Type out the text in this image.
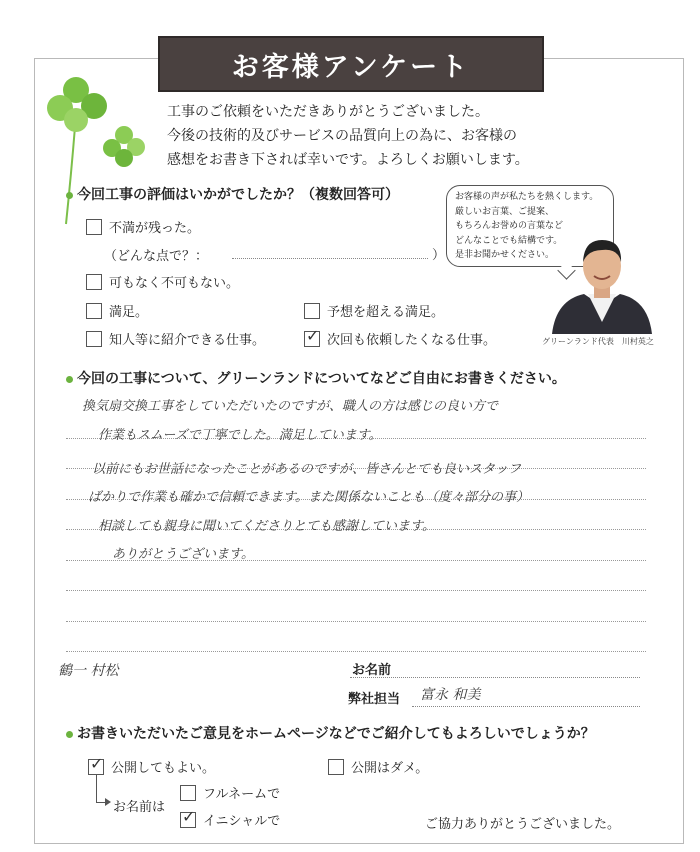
お客様アンケート
工事のご依頼をいただきありがとうございました。
今後の技術的及びサービスの品質向上の為に、お客様の
感想をお書き下されば幸いです。よろしくお願いします。
今回工事の評価はいかがでしたか？（複数回答可）
不満が残った。
（どんな点で？：	）
可もなく不可もない。
満足。	予想を超える満足。
知人等に紹介できる仕事。	✓ 次回も依頼したくなる仕事。
お客様の声が私たちを熱くします。
厳しいお言葉、ご提案、
もちろんお誉めの言葉など
どんなことでも結構です。
是非お聞かせください。
グリーンランド代表　川村英之
今回の工事について、グリーンランドについてなどご自由にお書きください。
換気扇交換工事をしていただいたのですが、職人の方は感じの良い方で
作業もスムーズで丁寧でした。満足しています。
以前にもお世話になったことがあるのですが、皆さんとても良いスタッフ
ばかりで作業も確かで信頼できます。また関係ないことも（度々部分の事）
相談しても親身に聞いてくださりとても感謝しています。
ありがとうございます。
鶴一 村松	お名前
弊社担当 富永 和美
お書きいただいたご意見をホームページなどでご紹介してもよろしいでしょうか？
✓ 公開してもよい。	公開はダメ。
お名前は
フルネームで
✓ イニシャルで	ご協力ありがとうございました。
